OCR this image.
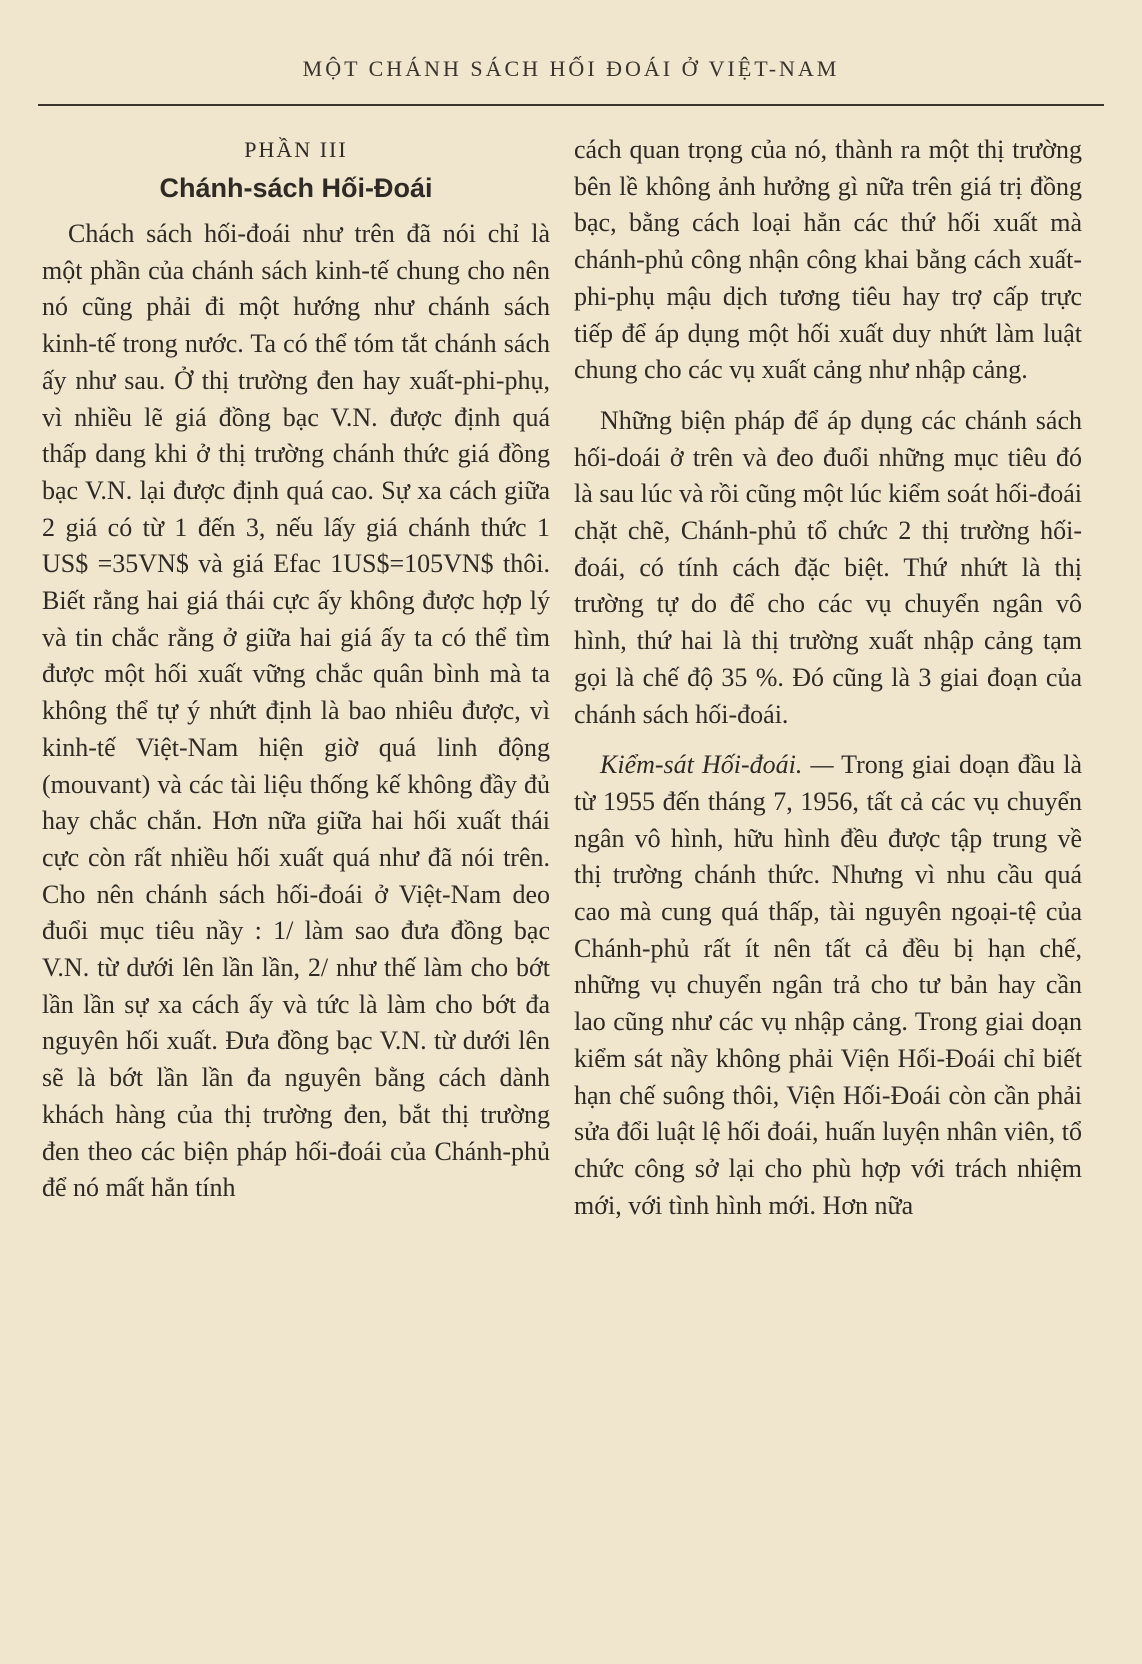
MỘT CHÁNH SÁCH HỐI ĐOÁI Ở VIỆT-NAM
PHẦN III
Chánh-sách Hối-Đoái

Chách sách hối-đoái như trên đã nói chỉ là một phần của chánh sách kinh-tế chung cho nên nó cũng phải đi một hướng như chánh sách kinh-tế trong nước. Ta có thể tóm tắt chánh sách ấy như sau. Ở thị trường đen hay xuất-phi-phụ, vì nhiều lẽ giá đồng bạc V.N. được định quá thấp dang khi ở thị trường chánh thức giá đồng bạc V.N. lại được định quá cao. Sự xa cách giữa 2 giá có từ 1 đến 3, nếu lấy giá chánh thức 1 US$ =35VN$ và giá Efac 1US$=105VN$ thôi. Biết rằng hai giá thái cực ấy không được hợp lý và tin chắc rằng ở giữa hai giá ấy ta có thể tìm được một hối xuất vững chắc quân bình mà ta không thể tự ý nhứt định là bao nhiêu được, vì kinh-tế Việt-Nam hiện giờ quá linh động (mouvant) và các tài liệu thống kế không đầy đủ hay chắc chắn. Hơn nữa giữa hai hối xuất thái cực còn rất nhiều hối xuất quá như đã nói trên. Cho nên chánh sách hối-đoái ở Việt-Nam deo đuổi mục tiêu nầy : 1/ làm sao đưa đồng bạc V.N. từ dưới lên lần lần, 2/ như thế làm cho bớt lần lần sự xa cách ấy và tức là làm cho bớt đa nguyên hối xuất. Đưa đồng bạc V.N. từ dưới lên sẽ là bớt lần lần đa nguyên bằng cách dành khách hàng của thị trường đen, bắt thị trường đen theo các biện pháp hối-đoái của Chánh-phủ để nó mất hẳn tính

cách quan trọng của nó, thành ra một thị trường bên lề không ảnh hưởng gì nữa trên giá trị đồng bạc, bằng cách loại hẳn các thứ hối xuất mà chánh-phủ công nhận công khai bằng cách xuất-phi-phụ mậu dịch tương tiêu hay trợ cấp trực tiếp để áp dụng một hối xuất duy nhứt làm luật chung cho các vụ xuất cảng như nhập cảng.

Những biện pháp để áp dụng các chánh sách hối-doái ở trên và đeo đuổi những mục tiêu đó là sau lúc và rồi cũng một lúc kiểm soát hối-đoái chặt chẽ, Chánh-phủ tổ chức 2 thị trường hối-đoái, có tính cách đặc biệt. Thứ nhứt là thị trường tự do để cho các vụ chuyển ngân vô hình, thứ hai là thị trường xuất nhập cảng tạm gọi là chế độ 35 %. Đó cũng là 3 giai đoạn của chánh sách hối-đoái.

Kiểm-sát Hối-đoái. — Trong giai doạn đầu là từ 1955 đến tháng 7, 1956, tất cả các vụ chuyển ngân vô hình, hữu hình đều được tập trung về thị trường chánh thức. Nhưng vì nhu cầu quá cao mà cung quá thấp, tài nguyên ngoại-tệ của Chánh-phủ rất ít nên tất cả đều bị hạn chế, những vụ chuyển ngân trả cho tư bản hay cần lao cũng như các vụ nhập cảng. Trong giai doạn kiểm sát nầy không phải Viện Hối-Đoái chỉ biết hạn chế suông thôi, Viện Hối-Đoái còn cần phải sửa đổi luật lệ hối đoái, huấn luyện nhân viên, tổ chức công sở lại cho phù hợp với trách nhiệm mới, với tình hình mới. Hơn nữa
